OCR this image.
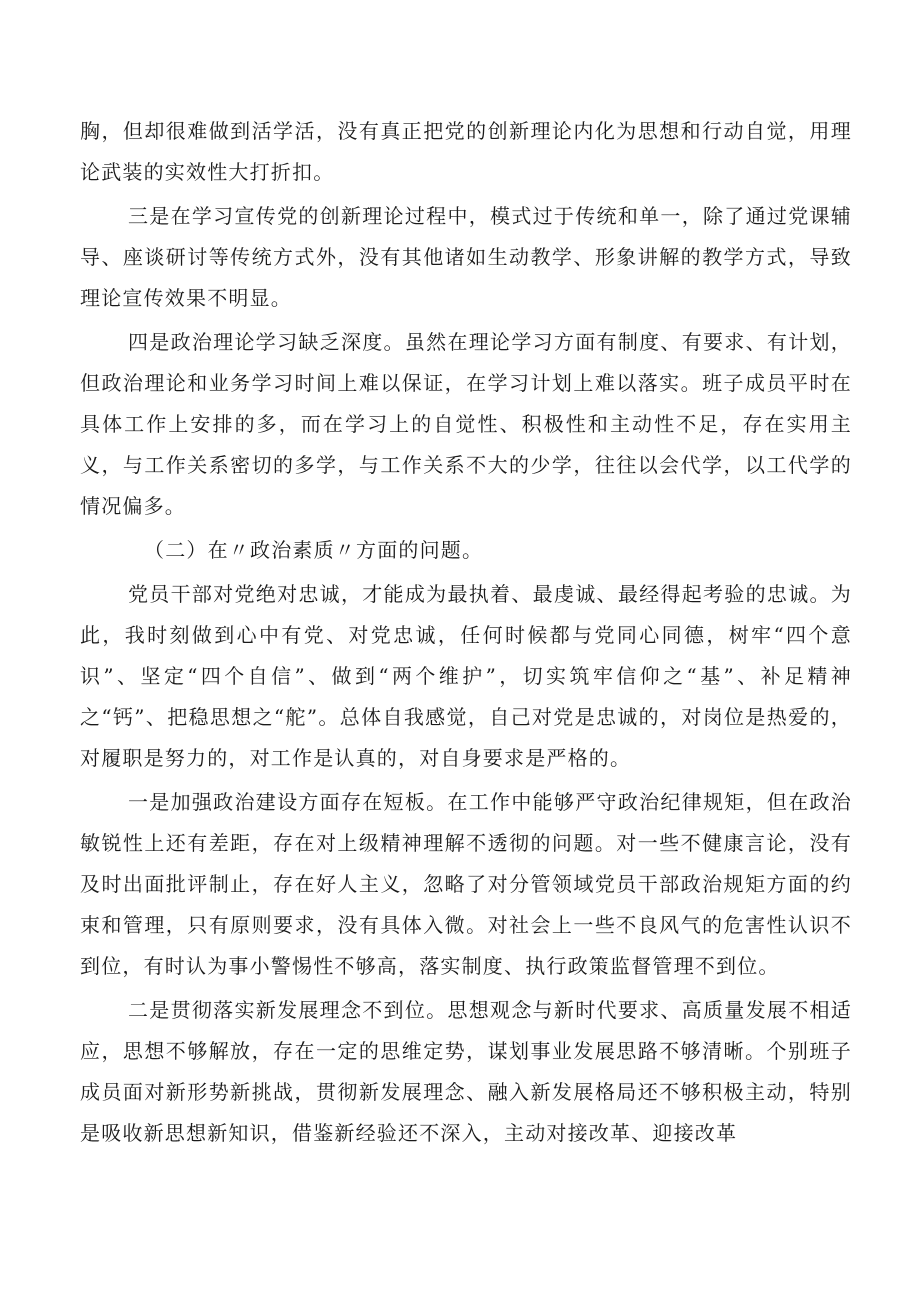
胸，但却很难做到活学活，没有真正把党的创新理论内化为思想和行动自觉，用理论武装的实效性大打折扣。

三是在学习宣传党的创新理论过程中，模式过于传统和单一，除了通过党课辅导、座谈研讨等传统方式外，没有其他诸如生动教学、形象讲解的教学方式，导致理论宣传效果不明显。

四是政治理论学习缺乏深度。虽然在理论学习方面有制度、有要求、有计划，但政治理论和业务学习时间上难以保证，在学习计划上难以落实。班子成员平时在具体工作上安排的多，而在学习上的自觉性、积极性和主动性不足，存在实用主义，与工作关系密切的多学，与工作关系不大的少学，往往以会代学，以工代学的情况偏多。

（二）在〃政治素质〃方面的问题。

党员干部对党绝对忠诚，才能成为最执着、最虔诚、最经得起考验的忠诚。为此，我时刻做到心中有党、对党忠诚，任何时候都与党同心同德，树牢“四个意识”、坚定“四个自信”、做到“两个维护”，切实筑牢信仰之“基”、补足精神之“钙”、把稳思想之“舵”。总体自我感觉，自己对党是忠诚的，对岗位是热爱的，对履职是努力的，对工作是认真的，对自身要求是严格的。

一是加强政治建设方面存在短板。在工作中能够严守政治纪律规矩，但在政治敏锐性上还有差距，存在对上级精神理解不透彻的问题。对一些不健康言论，没有及时出面批评制止，存在好人主义，忽略了对分管领域党员干部政治规矩方面的约束和管理，只有原则要求，没有具体入微。对社会上一些不良风气的危害性认识不到位，有时认为事小警惕性不够高，落实制度、执行政策监督管理不到位。

二是贯彻落实新发展理念不到位。思想观念与新时代要求、高质量发展不相适应，思想不够解放，存在一定的思维定势，谋划事业发展思路不够清晰。个别班子成员面对新形势新挑战，贯彻新发展理念、融入新发展格局还不够积极主动，特别是吸收新思想新知识，借鉴新经验还不深入，主动对接改革、迎接改革
